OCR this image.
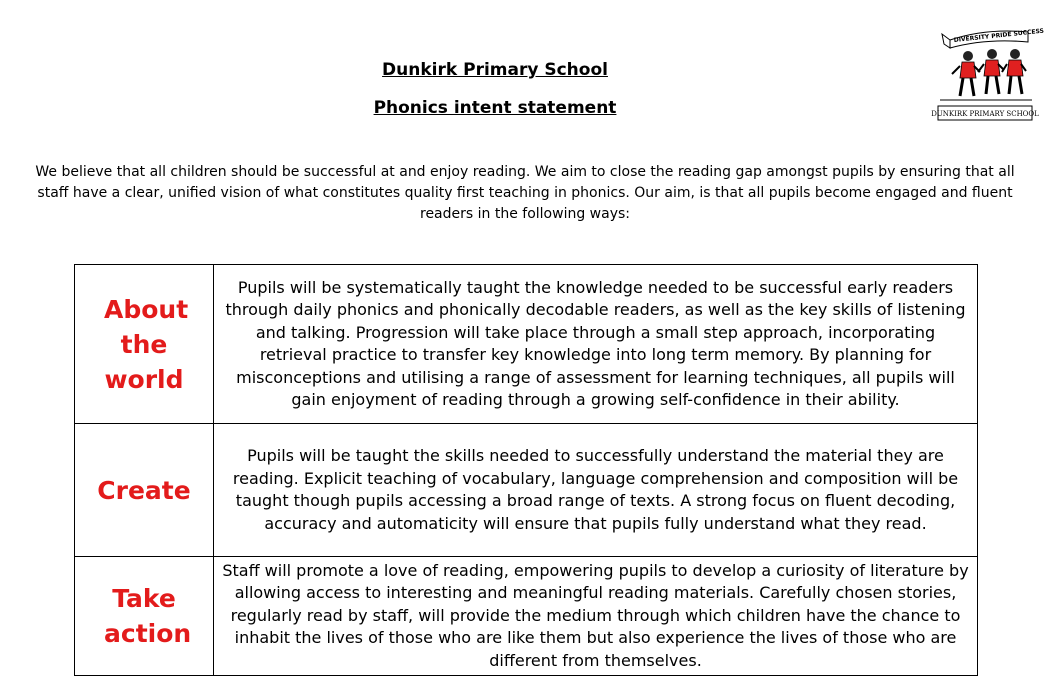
Dunkirk Primary School
Phonics intent statement
DIVERSITY PRIDE SUCCESS
DUNKIRK PRIMARY SCHOOL
We believe that all children should be successful at and enjoy reading. We aim to close the reading gap amongst pupils by ensuring that all staff have a clear, unified vision of what constitutes quality first teaching in phonics. Our aim, is that all pupils become engaged and fluent readers in the following ways:
About the world	Pupils will be systematically taught the knowledge needed to be successful early readers through daily phonics and phonically decodable readers, as well as the key skills of listening and talking. Progression will take place through a small step approach, incorporating retrieval practice to transfer key knowledge into long term memory. By planning for misconceptions and utilising a range of assessment for learning techniques, all pupils will gain enjoyment of reading through a growing self-confidence in their ability.
Create	Pupils will be taught the skills needed to successfully understand the material they are reading. Explicit teaching of vocabulary, language comprehension and composition will be taught though pupils accessing a broad range of texts. A strong focus on fluent decoding, accuracy and automaticity will ensure that pupils fully understand what they read.

Take action	Staff will promote a love of reading, empowering pupils to develop a curiosity of literature by allowing access to interesting and meaningful reading materials. Carefully chosen stories, regularly read by staff, will provide the medium through which children have the chance to inhabit the lives of those who are like them but also experience the lives of those who are different from themselves.
